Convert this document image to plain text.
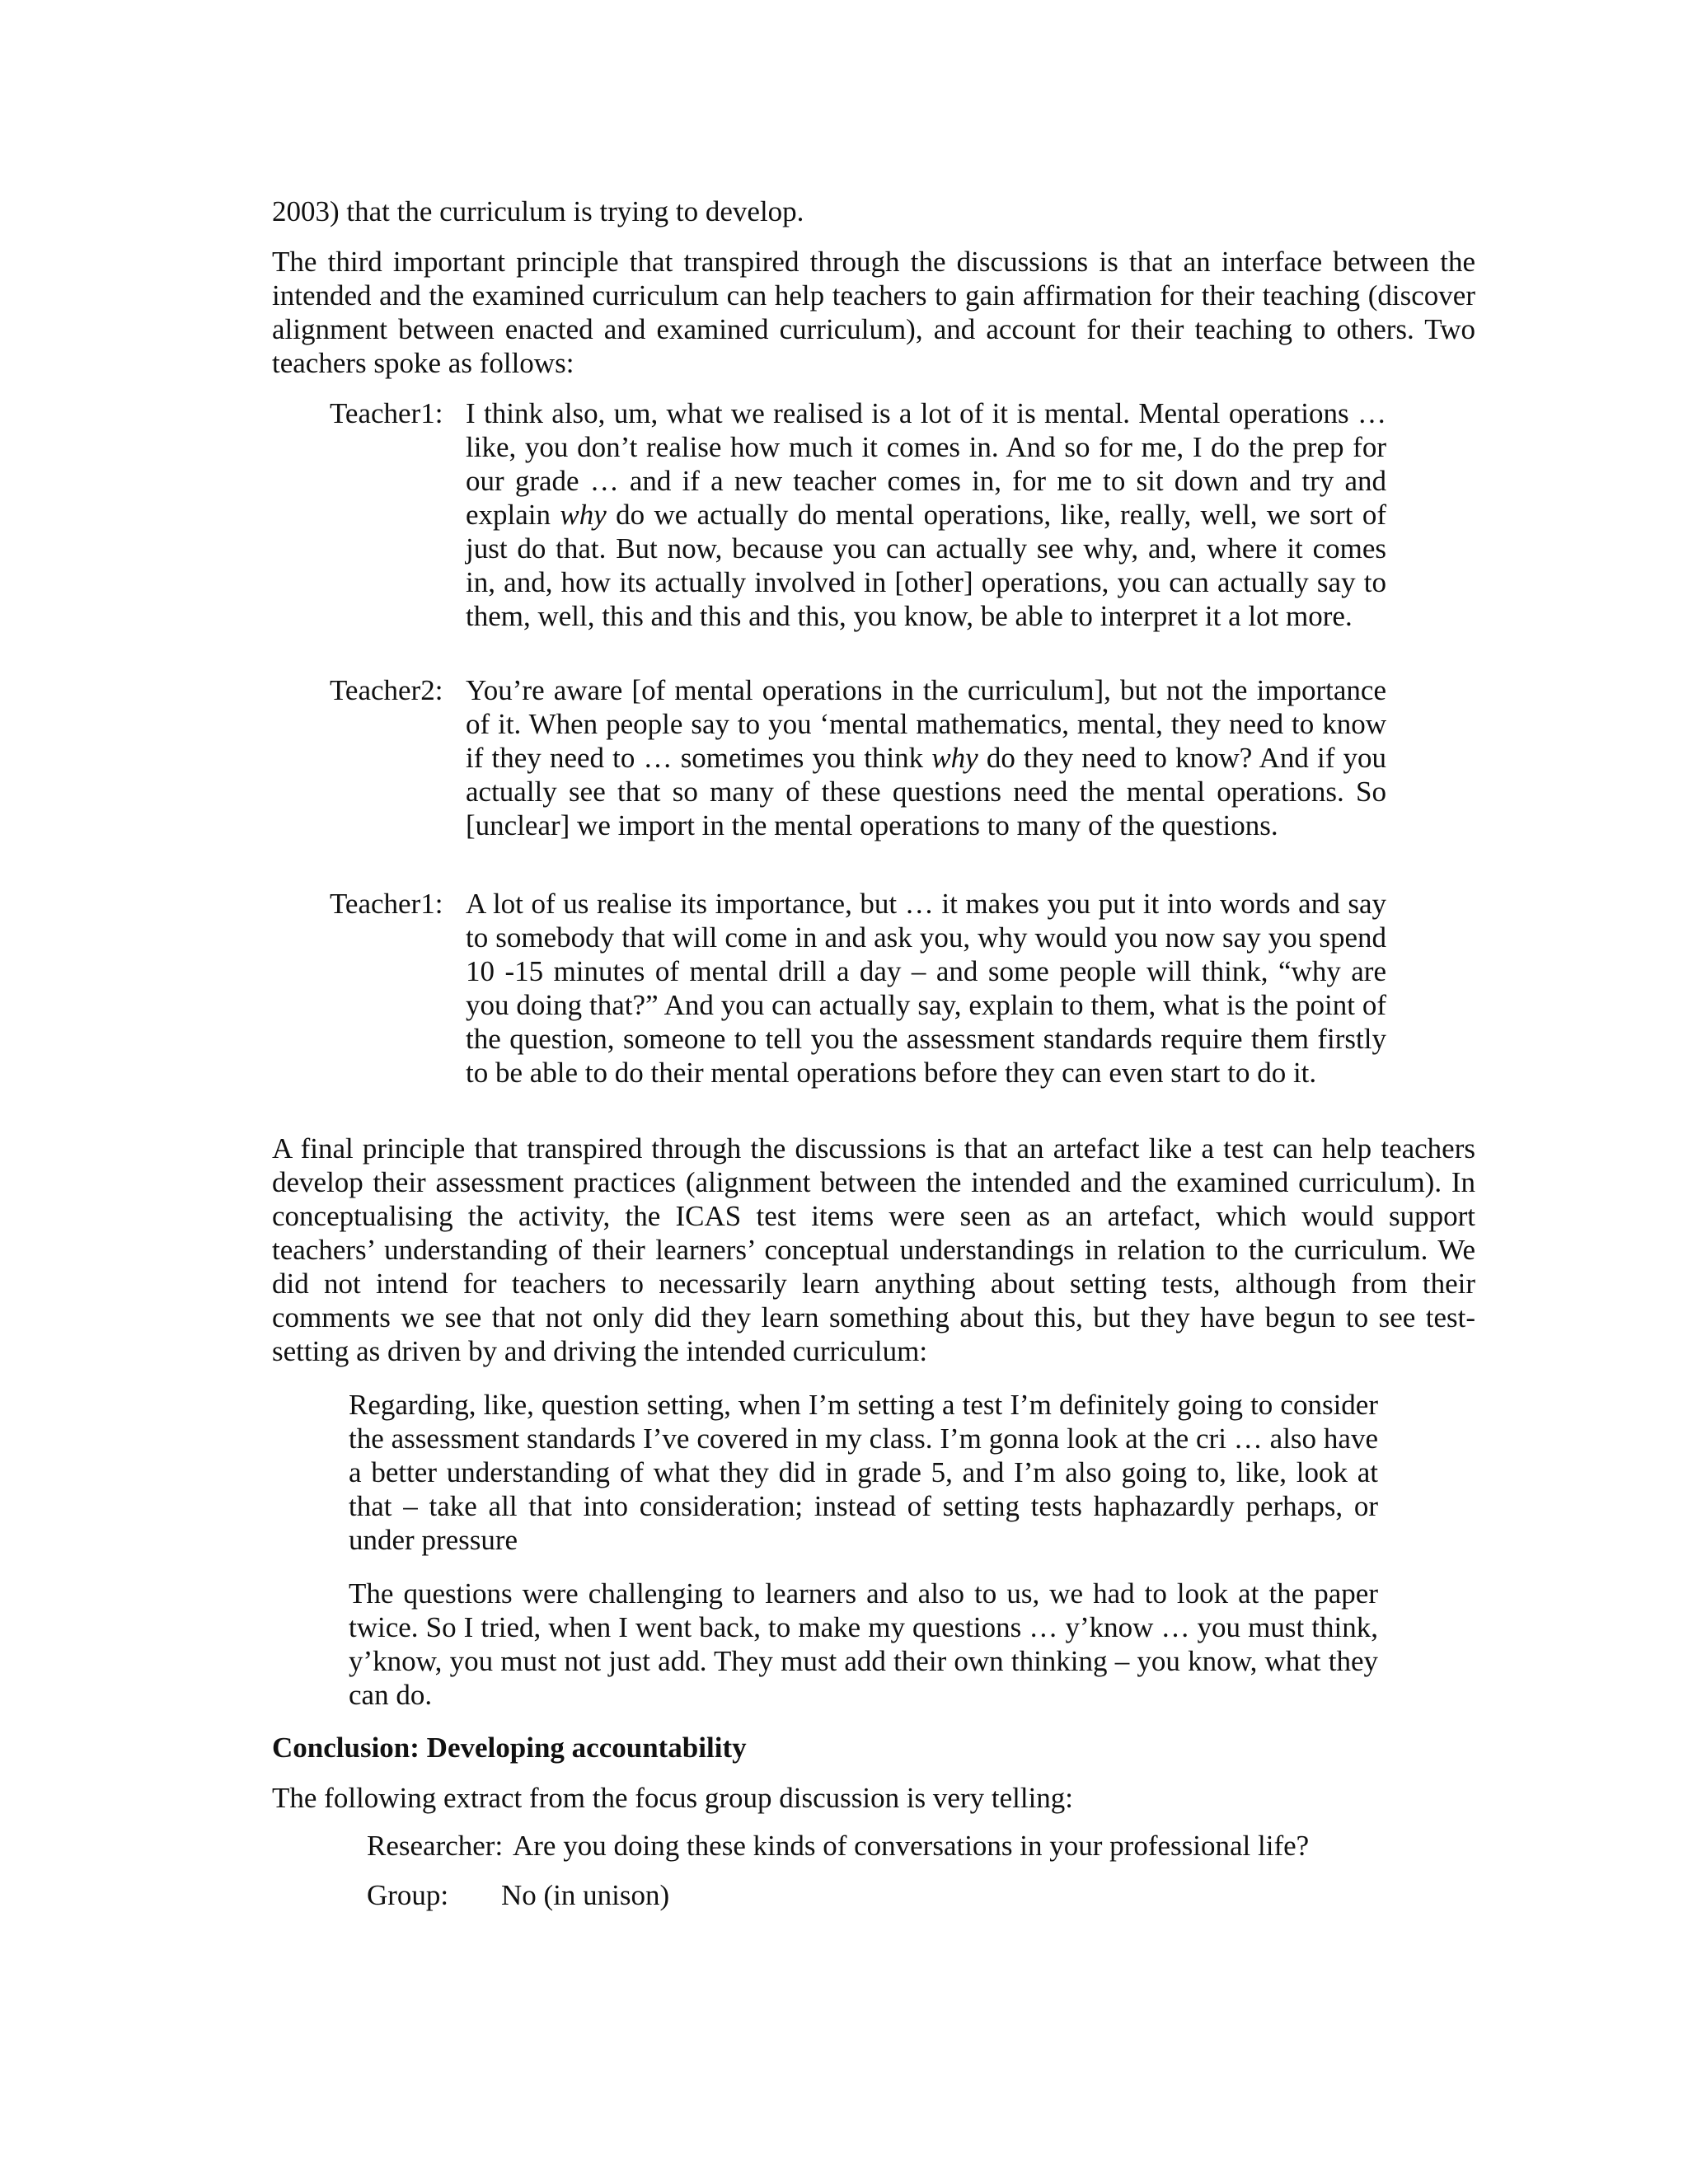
2003) that the curriculum is trying to develop.

The third important principle that transpired through the discussions is that an interface between the intended and the examined curriculum can help teachers to gain affirmation for their teaching (discover alignment between enacted and examined curriculum), and account for their teaching to others. Two teachers spoke as follows:

Teacher1: I think also, um, what we realised is a lot of it is mental. Mental operations … like, you don’t realise how much it comes in. And so for me, I do the prep for our grade … and if a new teacher comes in, for me to sit down and try and explain why do we actually do mental operations, like, really, well, we sort of just do that. But now, because you can actually see why, and, where it comes in, and, how its actually involved in [other] operations, you can actually say to them, well, this and this and this, you know, be able to interpret it a lot more.
Teacher2: You’re aware [of mental operations in the curriculum], but not the importance of it. When people say to you ‘mental mathematics, mental, they need to know if they need to … sometimes you think why do they need to know? And if you actually see that so many of these questions need the mental operations. So [unclear] we import in the mental operations to many of the questions.
Teacher1: A lot of us realise its importance, but … it makes you put it into words and say to somebody that will come in and ask you, why would you now say you spend 10 -15 minutes of mental drill a day – and some people will think, “why are you doing that?” And you can actually say, explain to them, what is the point of the question, someone to tell you the assessment standards require them firstly to be able to do their mental operations before they can even start to do it.

A final principle that transpired through the discussions is that an artefact like a test can help teachers develop their assessment practices (alignment between the intended and the examined curriculum). In conceptualising the activity, the ICAS test items were seen as an artefact, which would support teachers’ understanding of their learners’ conceptual understandings in relation to the curriculum. We did not intend for teachers to necessarily learn anything about setting tests, although from their comments we see that not only did they learn something about this, but they have begun to see test-setting as driven by and driving the intended curriculum:

Regarding, like, question setting, when I’m setting a test I’m definitely going to consider the assessment standards I’ve covered in my class. I’m gonna look at the cri … also have a better understanding of what they did in grade 5, and I’m also going to, like, look at that – take all that into consideration; instead of setting tests haphazardly perhaps, or under pressure
The questions were challenging to learners and also to us, we had to look at the paper twice. So I tried, when I went back, to make my questions … y’know … you must think, y’know, you must not just add. They must add their own thinking – you know, what they can do.
Conclusion: Developing accountability

The following extract from the focus group discussion is very telling:

Researcher: Are you doing these kinds of conversations in your professional life?
Group: No (in unison)
